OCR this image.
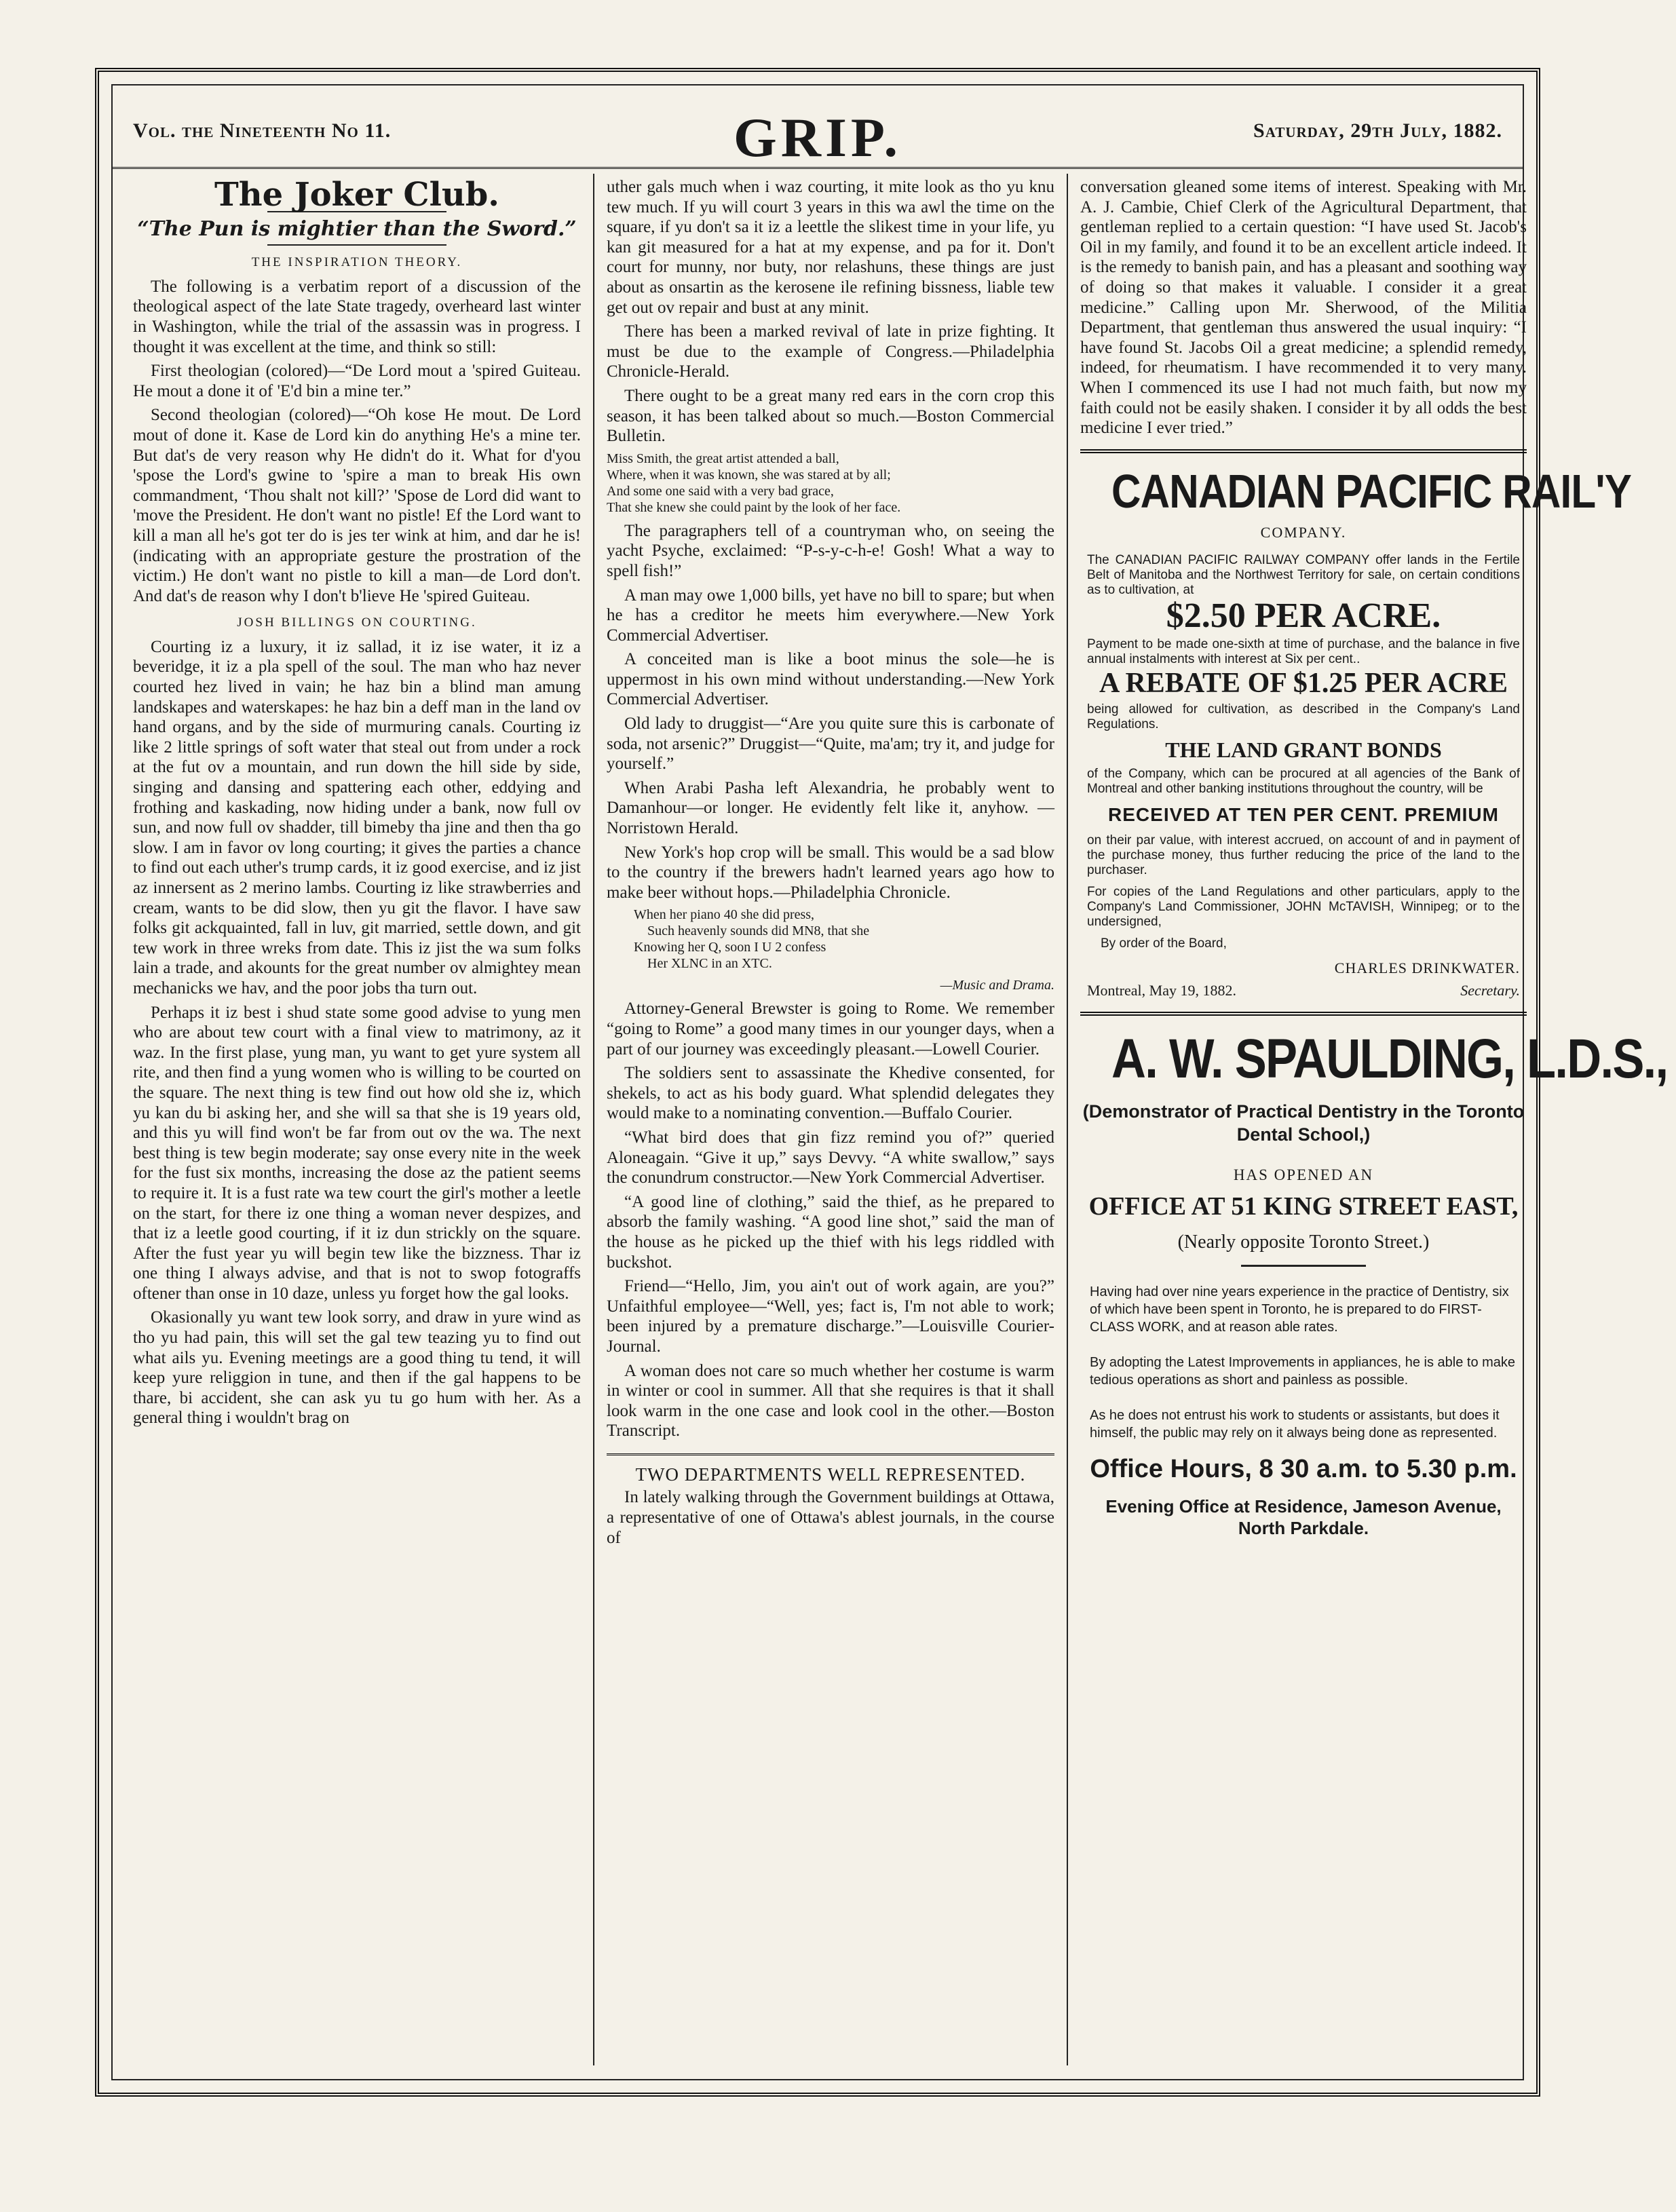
Vol. the Nineteenth No 11.	GRIP.	Saturday, 29th July, 1882.
The Joker Club.
“The Pun is mightier than the Sword.”
THE INSPIRATION THEORY.

The following is a verbatim report of a discussion of the theological aspect of the late State tragedy, overheard last winter in Washington, while the trial of the assassin was in progress. I thought it was excellent at the time, and think so still:

First theologian (colored)—“De Lord mout a 'spired Guiteau. He mout a done it of 'E'd bin a mine ter.”

Second theologian (colored)—“Oh kose He mout. De Lord mout of done it. Kase de Lord kin do anything He's a mine ter. But dat's de very reason why He didn't do it. What for d'you 'spose the Lord's gwine to 'spire a man to break His own commandment, ‘Thou shalt not kill?’ 'Spose de Lord did want to 'move the President. He don't want no pistle! Ef the Lord want to kill a man all he's got ter do is jes ter wink at him, and dar he is! (indicating with an appropriate gesture the prostration of the victim.) He don't want no pistle to kill a man—de Lord don't. And dat's de reason why I don't b'lieve He 'spired Guiteau.

JOSH BILLINGS ON COURTING.

Courting iz a luxury, it iz sallad, it iz ise water, it iz a beveridge, it iz a pla spell of the soul. The man who haz never courted hez lived in vain; he haz bin a blind man amung landskapes and waterskapes: he haz bin a deff man in the land ov hand organs, and by the side of murmuring canals. Courting iz like 2 little springs of soft water that steal out from under a rock at the fut ov a mountain, and run down the hill side by side, singing and dansing and spattering each other, eddying and frothing and kaskading, now hiding under a bank, now full ov sun, and now full ov shadder, till bimeby tha jine and then tha go slow. I am in favor ov long courting; it gives the parties a chance to find out each uther's trump cards, it iz good exercise, and iz jist az innersent as 2 merino lambs. Courting iz like strawberries and cream, wants to be did slow, then yu git the flavor. I have saw folks git ackquainted, fall in luv, git married, settle down, and git tew work in three wreks from date. This iz jist the wa sum folks lain a trade, and akounts for the great number ov almightey mean mechanicks we hav, and the poor jobs tha turn out.

Perhaps it iz best i shud state some good advise to yung men who are about tew court with a final view to matrimony, az it waz. In the first plase, yung man, yu want to get yure system all rite, and then find a yung women who is willing to be courted on the square. The next thing is tew find out how old she iz, which yu kan du bi asking her, and she will sa that she is 19 years old, and this yu will find won't be far from out ov the wa. The next best thing is tew begin moderate; say onse every nite in the week for the fust six months, increasing the dose az the patient seems to require it. It is a fust rate wa tew court the girl's mother a leetle on the start, for there iz one thing a woman never despizes, and that iz a leetle good courting, if it iz dun strickly on the square. After the fust year yu will begin tew like the bizzness. Thar iz one thing I always advise, and that is not to swop fotograffs oftener than onse in 10 daze, unless yu forget how the gal looks.

Okasionally yu want tew look sorry, and draw in yure wind as tho yu had pain, this will set the gal tew teazing yu to find out what ails yu. Evening meetings are a good thing tu tend, it will keep yure religgion in tune, and then if the gal happens to be thare, bi accident, she can ask yu tu go hum with her. As a general thing i wouldn't brag on

uther gals much when i waz courting, it mite look as tho yu knu tew much. If yu will court 3 years in this wa awl the time on the square, if yu don't sa it iz a leettle the slikest time in your life, yu kan git measured for a hat at my expense, and pa for it. Don't court for munny, nor buty, nor relashuns, these things are just about as onsartin as the kerosene ile refining bissness, liable tew get out ov repair and bust at any minit.

There has been a marked revival of late in prize fighting. It must be due to the example of Congress.—Philadelphia Chronicle-Herald.

There ought to be a great many red ears in the corn crop this season, it has been talked about so much.—Boston Commercial Bulletin.

Miss Smith, the great artist attended a ball,
Where, when it was known, she was stared at by all;
And some one said with a very bad grace,
That she knew she could paint by the look of her face.

The paragraphers tell of a countryman who, on seeing the yacht Psyche, exclaimed: “P-s-y-c-h-e! Gosh! What a way to spell fish!”

A man may owe 1,000 bills, yet have no bill to spare; but when he has a creditor he meets him everywhere.—New York Commercial Advertiser.

A conceited man is like a boot minus the sole—he is uppermost in his own mind without understanding.—New York Commercial Advertiser.

Old lady to druggist—“Are you quite sure this is carbonate of soda, not arsenic?” Druggist—“Quite, ma'am; try it, and judge for yourself.”

When Arabi Pasha left Alexandria, he probably went to Damanhour—or longer. He evidently felt like it, anyhow. — Norristown Herald.

New York's hop crop will be small. This would be a sad blow to the country if the brewers hadn't learned years ago how to make beer without hops.—Philadelphia Chronicle.

When her piano 40 she did press,
Such heavenly sounds did MN8, that she
Knowing her Q, soon I U 2 confess
Her XLNC in an XTC.
—Music and Drama.

Attorney-General Brewster is going to Rome. We remember “going to Rome” a good many times in our younger days, when a part of our journey was exceedingly pleasant.—Lowell Courier.

The soldiers sent to assassinate the Khedive consented, for shekels, to act as his body guard. What splendid delegates they would make to a nominating convention.—Buffalo Courier.

“What bird does that gin fizz remind you of?” queried Aloneagain. “Give it up,” says Devvy. “A white swallow,” says the conundrum constructor.—New York Commercial Advertiser.

“A good line of clothing,” said the thief, as he prepared to absorb the family washing. “A good line shot,” said the man of the house as he picked up the thief with his legs riddled with buckshot.

Friend—“Hello, Jim, you ain't out of work again, are you?” Unfaithful employee—“Well, yes; fact is, I'm not able to work; been injured by a premature discharge.”—Louisville Courier-Journal.

A woman does not care so much whether her costume is warm in winter or cool in summer. All that she requires is that it shall look warm in the one case and look cool in the other.—Boston Transcript.

TWO DEPARTMENTS WELL REPRESENTED.

In lately walking through the Government buildings at Ottawa, a representative of one of Ottawa's ablest journals, in the course of

conversation gleaned some items of interest. Speaking with Mr. A. J. Cambie, Chief Clerk of the Agricultural Department, that gentleman replied to a certain question: “I have used St. Jacob's Oil in my family, and found it to be an excellent article indeed. It is the remedy to banish pain, and has a pleasant and soothing way of doing so that makes it valuable. I consider it a great medicine.” Calling upon Mr. Sherwood, of the Militia Department, that gentleman thus answered the usual inquiry: “I have found St. Jacobs Oil a great medicine; a splendid remedy, indeed, for rheumatism. I have recommended it to very many. When I commenced its use I had not much faith, but now my faith could not be easily shaken. I consider it by all odds the best medicine I ever tried.”

CANADIAN PACIFIC RAIL'Y
COMPANY.
The CANADIAN PACIFIC RAILWAY COMPANY offer lands in the Fertile Belt of Manitoba and the Northwest Territory for sale, on certain conditions as to cultivation, at
$2.50 PER ACRE.
Payment to be made one-sixth at time of purchase, and the balance in five annual instalments with interest at Six per cent..
A REBATE OF $1.25 PER ACRE
being allowed for cultivation, as described in the Company's Land Regulations.
THE LAND GRANT BONDS
of the Company, which can be procured at all agencies of the Bank of Montreal and other banking institutions throughout the country, will be
RECEIVED AT TEN PER CENT. PREMIUM
on their par value, with interest accrued, on account of and in payment of the purchase money, thus further reducing the price of the land to the purchaser.
For copies of the Land Regulations and other particulars, apply to the Company's Land Commissioner, JOHN McTAVISH, Winnipeg; or to the undersigned,
By order of the Board,
CHARLES DRINKWATER.
Montreal, May 19, 1882.	Secretary.
A. W. SPAULDING, L.D.S.,
(Demonstrator of Practical Dentistry in the Toronto Dental School,)
HAS OPENED AN
OFFICE AT 51 KING STREET EAST,
(Nearly opposite Toronto Street.)
Having had over nine years experience in the practice of Dentistry, six of which have been spent in Toronto, he is prepared to do FIRST-CLASS WORK, and at reason able rates.
By adopting the Latest Improvements in appliances, he is able to make tedious operations as short and painless as possible.
As he does not entrust his work to students or assistants, but does it himself, the public may rely on it always being done as represented.
Office Hours, 8 30 a.m. to 5.30 p.m.
Evening Office at Residence, Jameson Avenue, North Parkdale.
